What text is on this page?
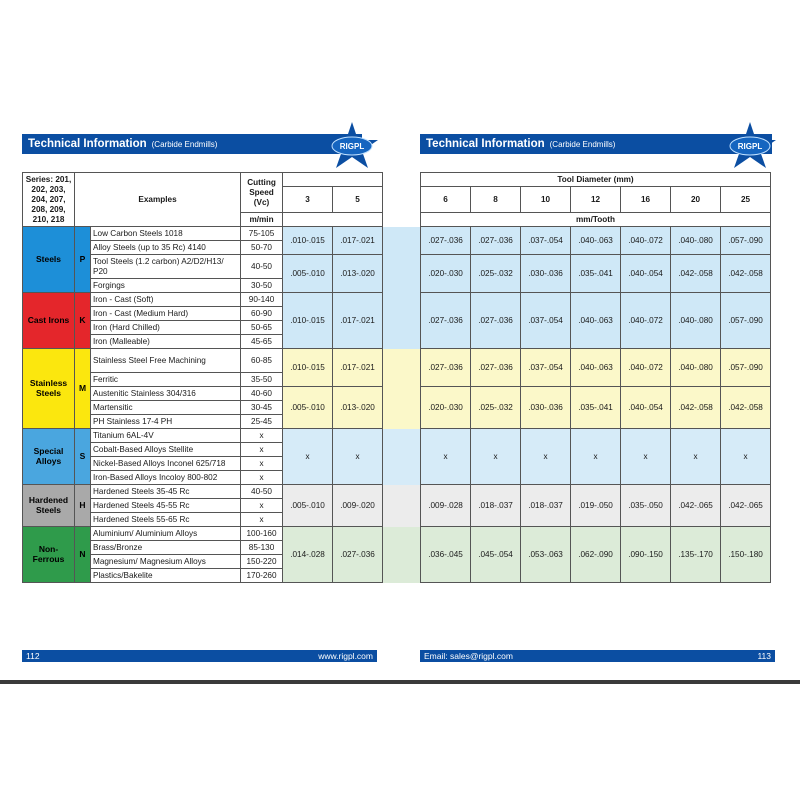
Technical Information (Carbide Endmills)	RIGPL	Technical Information (Carbide Endmills)	RIGPL
Series: 201, 202, 203, 204, 207, 208, 209, 210, 218	Examples		Cutting Speed (Vc)				Tool Diameter (mm)						
				3	5		6	8	10	12	16	20	25
			m/min				mm/Tooth						
Steels	P	Low Carbon Steels 1018	75-105	.010-.015	.017-.021		.027-.036	.027-.036	.037-.054	.040-.063	.040-.072	.040-.080	.057-.090
		Alloy Steels (up to 35 Rc) 4140	50-70										
		Tool Steels (1.2 carbon) A2/D2/H13/ P20	40-50	.005-.010	.013-.020		.020-.030	.025-.032	.030-.036	.035-.041	.040-.054	.042-.058	.042-.058
		Forgings	30-50										
Cast Irons	K	Iron - Cast (Soft)	90-140	.010-.015	.017-.021		.027-.036	.027-.036	.037-.054	.040-.063	.040-.072	.040-.080	.057-.090
		Iron - Cast (Medium Hard)	60-90										
		Iron (Hard Chilled)	50-65										
		Iron (Malleable)	45-65										
Stainless Steels	M	Stainless Steel Free Machining	60-85	.010-.015	.017-.021		.027-.036	.027-.036	.037-.054	.040-.063	.040-.072	.040-.080	.057-.090
		Ferritic	35-50										
		Austenitic Stainless 304/316	40-60	.005-.010	.013-.020		.020-.030	.025-.032	.030-.036	.035-.041	.040-.054	.042-.058	.042-.058
		Martensitic	30-45										
		PH Stainless 17-4 PH	25-45										
Special Alloys	S	Titanium 6AL-4V	x	x	x		x	x	x	x	x	x	x
		Cobalt-Based Alloys Stellite	x										
		Nickel-Based Alloys Inconel 625/718	x										
		Iron-Based Alloys Incoloy 800-802	x										
Hardened Steels	H	Hardened Steels 35-45 Rc	40-50	.005-.010	.009-.020		.009-.028	.018-.037	.018-.037	.019-.050	.035-.050	.042-.065	.042-.065
		Hardened Steels 45-55 Rc	x										
		Hardened Steels 55-65 Rc	x										
Non-Ferrous	N	Aluminium/ Aluminium Alloys	100-160	.014-.028	.027-.036		.036-.045	.045-.054	.053-.063	.062-.090	.090-.150	.135-.170	.150-.180
		Brass/Bronze	85-130										
		Magnesium/ Magnesium Alloys	150-220										
		Plastics/Bakelite	170-260										
112	www.rigpl.com	Email: sales@rigpl.com	113
